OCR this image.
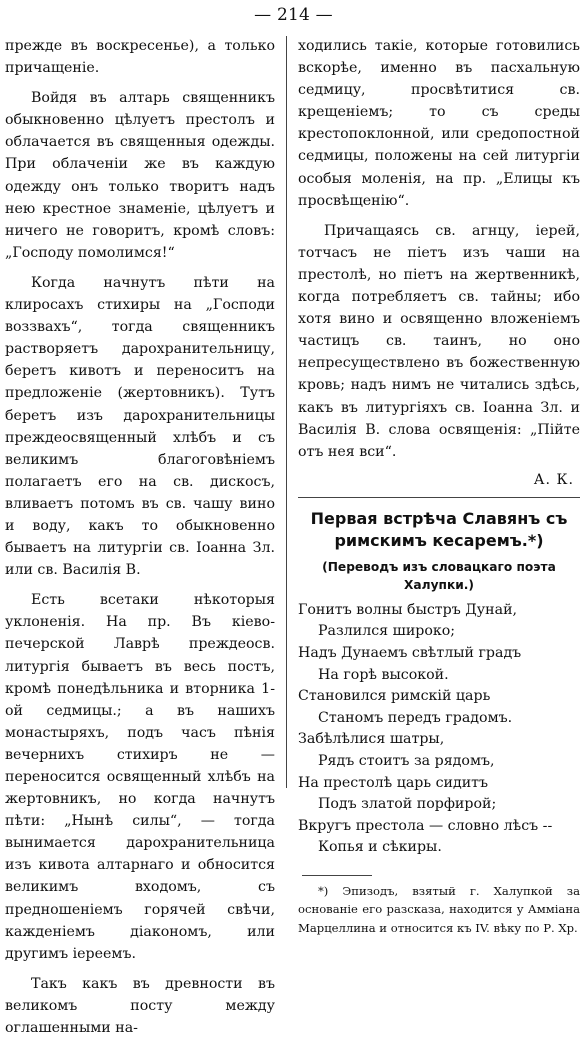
— 214 —

прежде въ воскресенье), а только причащеніе.

Войдя въ алтарь священникъ обыкновенно цѣлуетъ престолъ и облачается въ священныя одежды. При облаченіи же въ каждую одежду онъ только творитъ надъ нею крестное знаменіе, цѣлуетъ и ничего не говоритъ, кромѣ словъ: „Господу помолимся!“

Когда начнутъ пѣти на клиросахъ стихиры на „Господи воззвахъ“, тогда священникъ растворяетъ дарохранительницу, беретъ кивотъ и переноситъ на предложеніе (жертовникъ). Тутъ беретъ изъ дарохранительницы преждеосвященный хлѣбъ и съ великимъ благоговѣніемъ полагаетъ его на св. дискосъ, вливаетъ потомъ въ св. чашу вино и воду, какъ то обыкновенно бываетъ на литургіи св. Іоанна Зл. или св. Василія В.

Есть всетаки нѣкоторыя уклоненія. На пр. Въ кіево-печерской Лаврѣ преждеосв. литургія бываетъ въ весь постъ, кромѣ понедѣльника и вторника 1-ой седмицы.; а въ нашихъ монастыряхъ, подъ часъ пѣнія вечернихъ стихиръ не — переносится освященный хлѣбъ на жертовникъ, но когда начнутъ пѣти: „Нынѣ силы“, — тогда вынимается дарохранительница изъ кивота алтарнаго и обносится великимъ входомъ, съ предношеніемъ горячей свѣчи, кажденіемъ діакономъ, или другимъ іереемъ.

Такъ какъ въ древности въ великомъ посту между оглашенными на-

ходились такіе, которые готовились вскорѣе, именно въ пасхальную седмицу, просвѣтитися св. крещеніемъ; то съ среды крестопоклонной, или средопостной седмицы, положены на сей литургіи особыя моленія, на пр. „Елицы къ просвѣщенію“.

Причащаясь св. агнцу, іерей, тотчасъ не піетъ изъ чаши на престолѣ, но піетъ на жертвенникѣ, когда потребляетъ св. тайны; ибо хотя вино и освященно вложеніемъ частицъ св. таинъ, но оно непресуществлено въ божественную кровь; надъ нимъ не читались здѣсь, какъ въ литургіяхъ св. Іоанна Зл. и Василія В. слова освященія: „Пійте отъ нея вси“.

А. К.

Первая встрѣча Славянъ съ

римскимъ кесаремъ.*)

(Переводъ изъ словацкаго поэта Халупки.)

Гонитъ волны быстръ Дунай,
Разлился широко;
Надъ Дунаемъ свѣтлый градъ
На горѣ высокой.
Становился римскій царь
Станомъ передъ градомъ.
Забѣлѣлися шатры,
Рядъ стоитъ за рядомъ,
На престолѣ царь сидитъ
Подъ златой порфирой;
Вкругъ престола — словно лѣсъ --
Копья и сѣкиры.

*) Эпизодъ, взятый г. Халупкой за основаніе его разсказа, находится у Амміана Марцеллина и относится къ IV. вѣку по Р. Хр.
